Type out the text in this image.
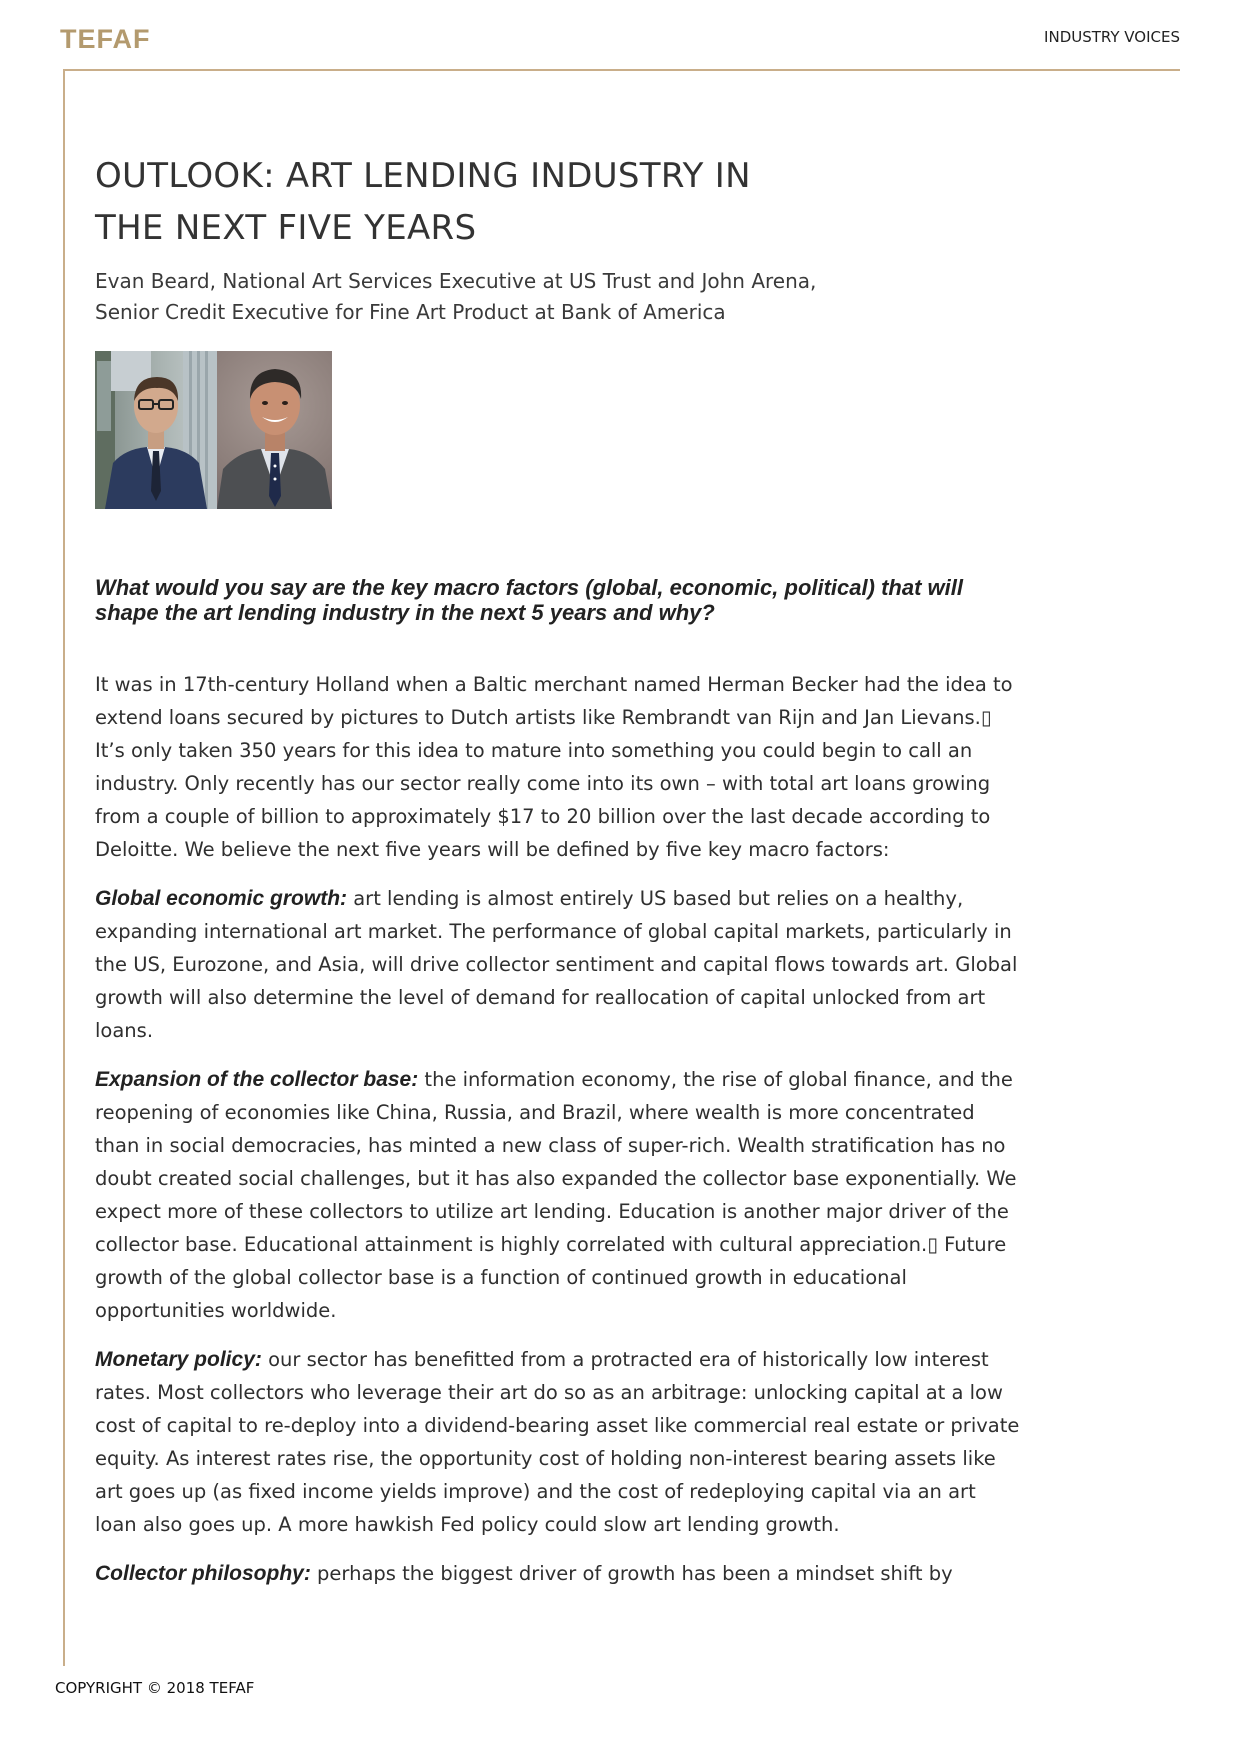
TEFAF	INDUSTRY VOICES
OUTLOOK: ART LENDING INDUSTRY IN
THE NEXT FIVE YEARS
Evan Beard, National Art Services Executive at US Trust and John Arena,
Senior Credit Executive for Fine Art Product at Bank of America
What would you say are the key macro factors (global, economic, political) that will shape the art lending industry in the next 5 years and why?

It was in 17th-century Holland when a Baltic merchant named Herman Becker had the idea to extend loans secured by pictures to Dutch artists like Rembrandt van Rijn and Jan Lievans.▯ It’s only taken 350 years for this idea to mature into something you could begin to call an industry. Only recently has our sector really come into its own – with total art loans growing from a couple of billion to approximately $17 to 20 billion over the last decade according to Deloitte. We believe the next five years will be defined by five key macro factors:

Global economic growth: art lending is almost entirely US based but relies on a healthy, expanding international art market. The performance of global capital markets, particularly in the US, Eurozone, and Asia, will drive collector sentiment and capital flows towards art. Global growth will also determine the level of demand for reallocation of capital unlocked from art loans.

Expansion of the collector base: the information economy, the rise of global finance, and the reopening of economies like China, Russia, and Brazil, where wealth is more concentrated than in social democracies, has minted a new class of super-rich. Wealth stratification has no doubt created social challenges, but it has also expanded the collector base exponentially. We expect more of these collectors to utilize art lending. Education is another major driver of the collector base. Educational attainment is highly correlated with cultural appreciation.▯ Future growth of the global collector base is a function of continued growth in educational opportunities worldwide.

Monetary policy: our sector has benefitted from a protracted era of historically low interest rates. Most collectors who leverage their art do so as an arbitrage: unlocking capital at a low cost of capital to re-deploy into a dividend-bearing asset like commercial real estate or private equity. As interest rates rise, the opportunity cost of holding non-interest bearing assets like art goes up (as fixed income yields improve) and the cost of redeploying capital via an art loan also goes up. A more hawkish Fed policy could slow art lending growth.

Collector philosophy: perhaps the biggest driver of growth has been a mindset shift by

COPYRIGHT © 2018 TEFAF
